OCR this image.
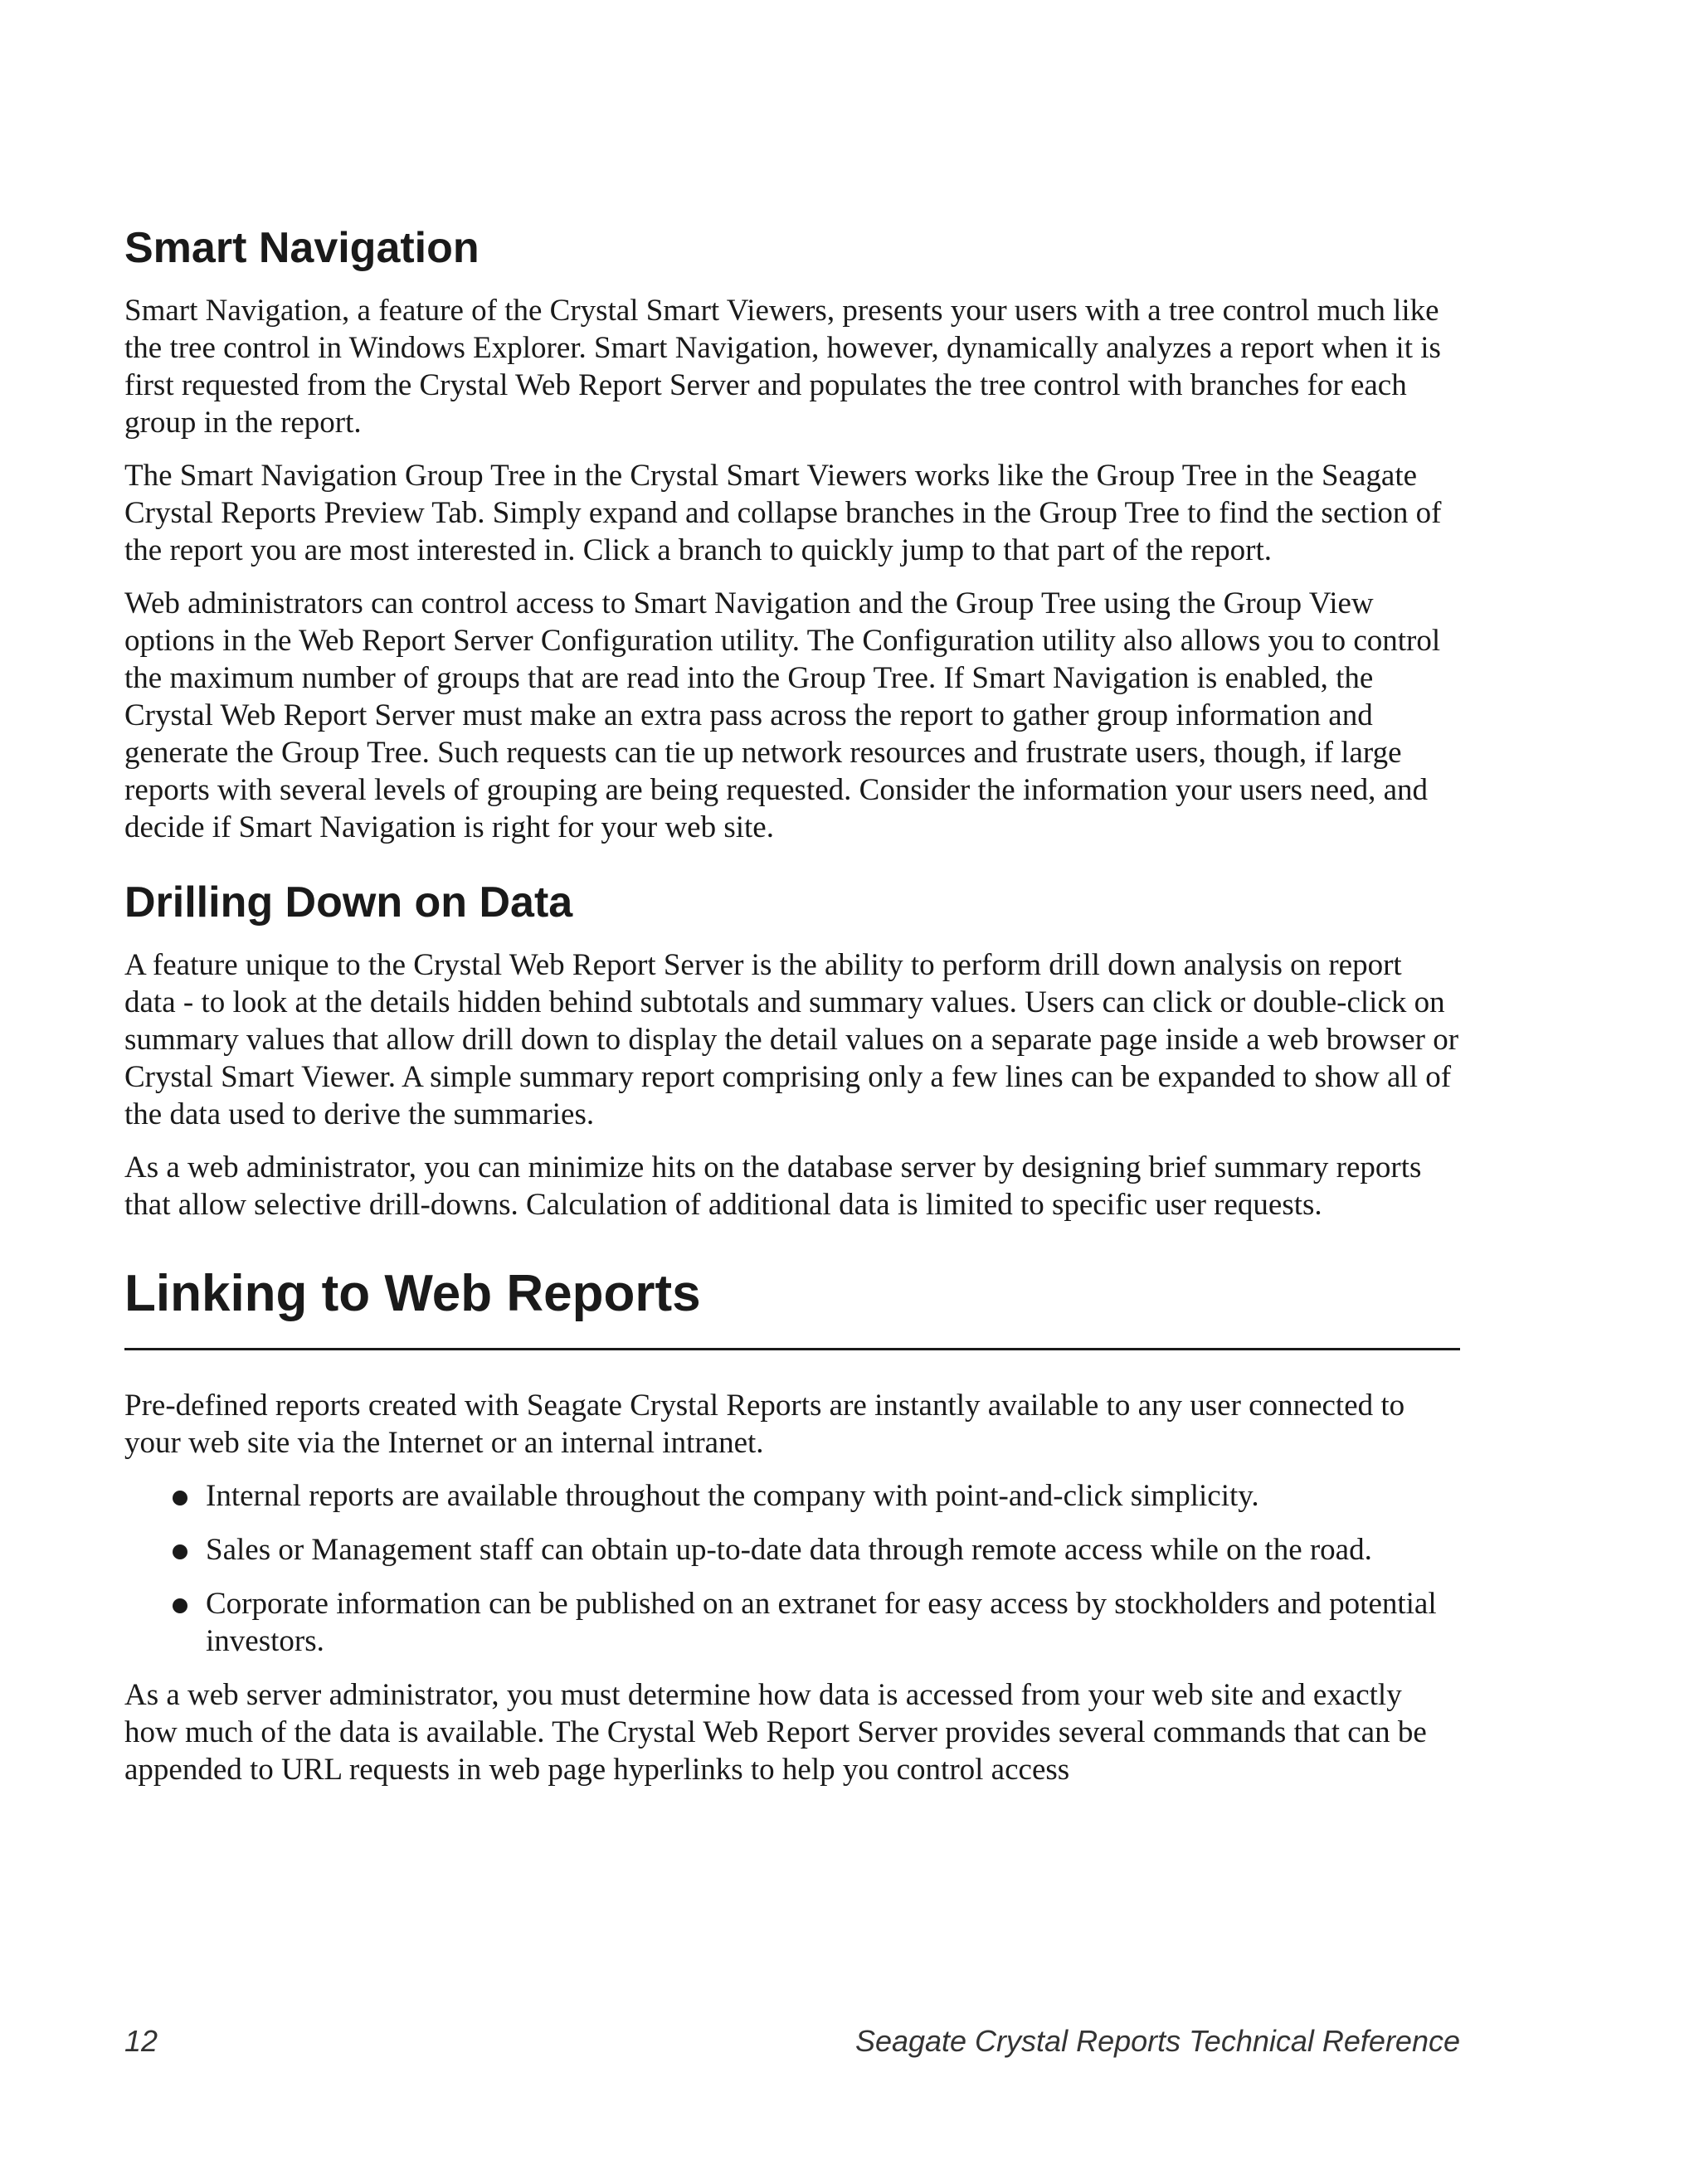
Smart Navigation

Smart Navigation, a feature of the Crystal Smart Viewers, presents your users with a tree control much like the tree control in Windows Explorer. Smart Navigation, however, dynamically analyzes a report when it is first requested from the Crystal Web Report Server and populates the tree control with branches for each group in the report.

The Smart Navigation Group Tree in the Crystal Smart Viewers works like the Group Tree in the Seagate Crystal Reports Preview Tab. Simply expand and collapse branches in the Group Tree to find the section of the report you are most interested in. Click a branch to quickly jump to that part of the report.

Web administrators can control access to Smart Navigation and the Group Tree using the Group View options in the Web Report Server Configuration utility. The Configuration utility also allows you to control the maximum number of groups that are read into the Group Tree. If Smart Navigation is enabled, the Crystal Web Report Server must make an extra pass across the report to gather group information and generate the Group Tree. Such requests can tie up network resources and frustrate users, though, if large reports with several levels of grouping are being requested. Consider the information your users need, and decide if Smart Navigation is right for your web site.

Drilling Down on Data

A feature unique to the Crystal Web Report Server is the ability to perform drill down analysis on report data - to look at the details hidden behind subtotals and summary values. Users can click or double-click on summary values that allow drill down to display the detail values on a separate page inside a web browser or Crystal Smart Viewer. A simple summary report comprising only a few lines can be expanded to show all of the data used to derive the summaries.

As a web administrator, you can minimize hits on the database server by designing brief summary reports that allow selective drill-downs. Calculation of additional data is limited to specific user requests.

Linking to Web Reports

Pre-defined reports created with Seagate Crystal Reports are instantly available to any user connected to your web site via the Internet or an internal intranet.

Internal reports are available throughout the company with point-and-click simplicity.
Sales or Management staff can obtain up-to-date data through remote access while on the road.
Corporate information can be published on an extranet for easy access by stockholders and potential investors.

As a web server administrator, you must determine how data is accessed from your web site and exactly how much of the data is available. The Crystal Web Report Server provides several commands that can be appended to URL requests in web page hyperlinks to help you control access

12	Seagate Crystal Reports Technical Reference
